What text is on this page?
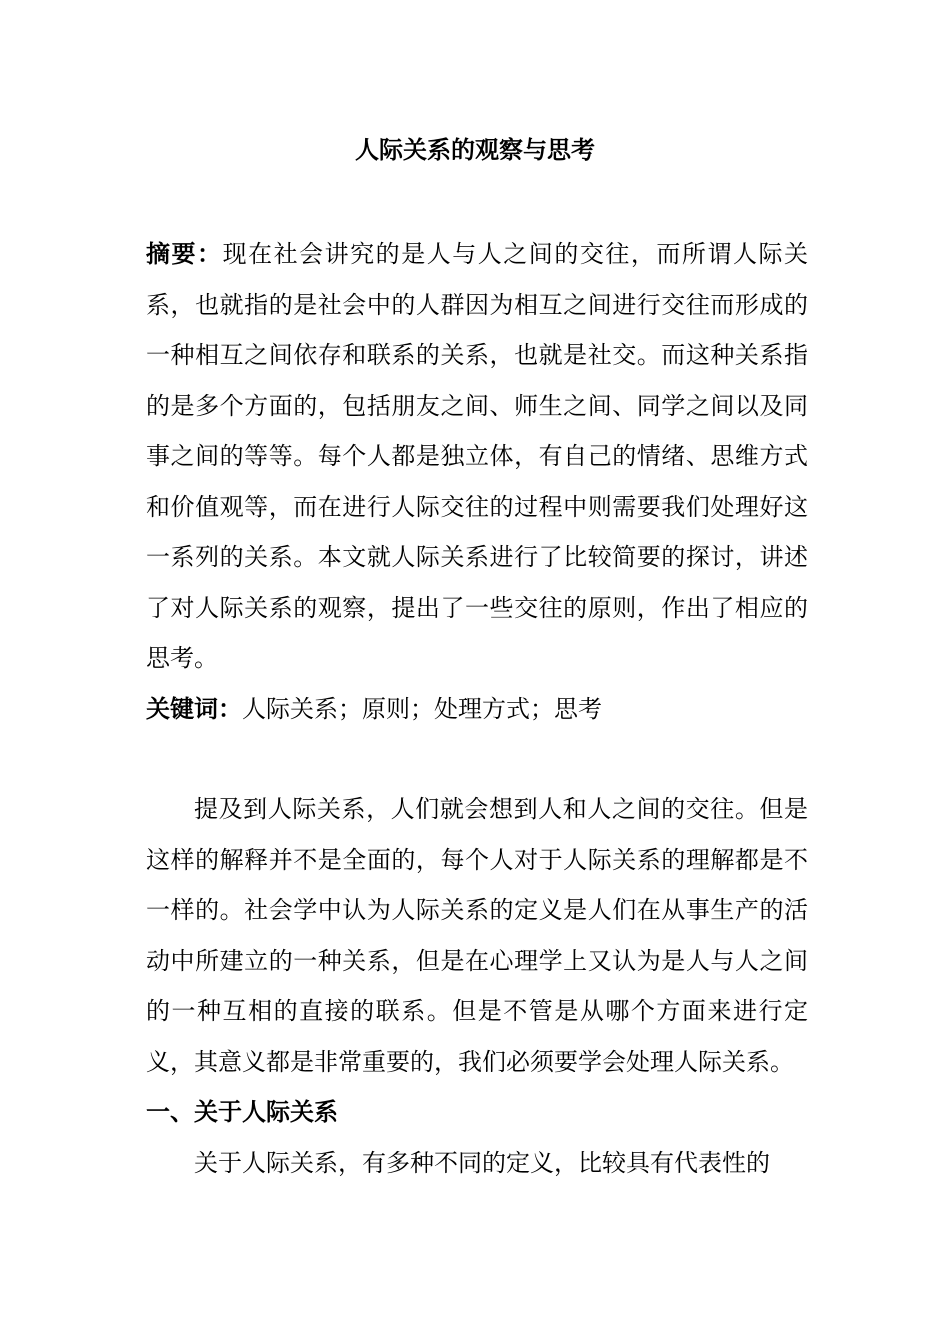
人际关系的观察与思考

摘要：现在社会讲究的是人与人之间的交往，而所谓人际关系，也就指的是社会中的人群因为相互之间进行交往而形成的一种相互之间依存和联系的关系，也就是社交。而这种关系指的是多个方面的，包括朋友之间、师生之间、同学之间以及同事之间的等等。每个人都是独立体，有自己的情绪、思维方式和价值观等，而在进行人际交往的过程中则需要我们处理好这一系列的关系。本文就人际关系进行了比较简要的探讨，讲述了对人际关系的观察，提出了一些交往的原则，作出了相应的思考。

关键词：人际关系；原则；处理方式；思考

提及到人际关系，人们就会想到人和人之间的交往。但是这样的解释并不是全面的，每个人对于人际关系的理解都是不一样的。社会学中认为人际关系的定义是人们在从事生产的活动中所建立的一种关系，但是在心理学上又认为是人与人之间的一种互相的直接的联系。但是不管是从哪个方面来进行定义，其意义都是非常重要的，我们必须要学会处理人际关系。

一、关于人际关系

关于人际关系，有多种不同的定义，比较具有代表性的
